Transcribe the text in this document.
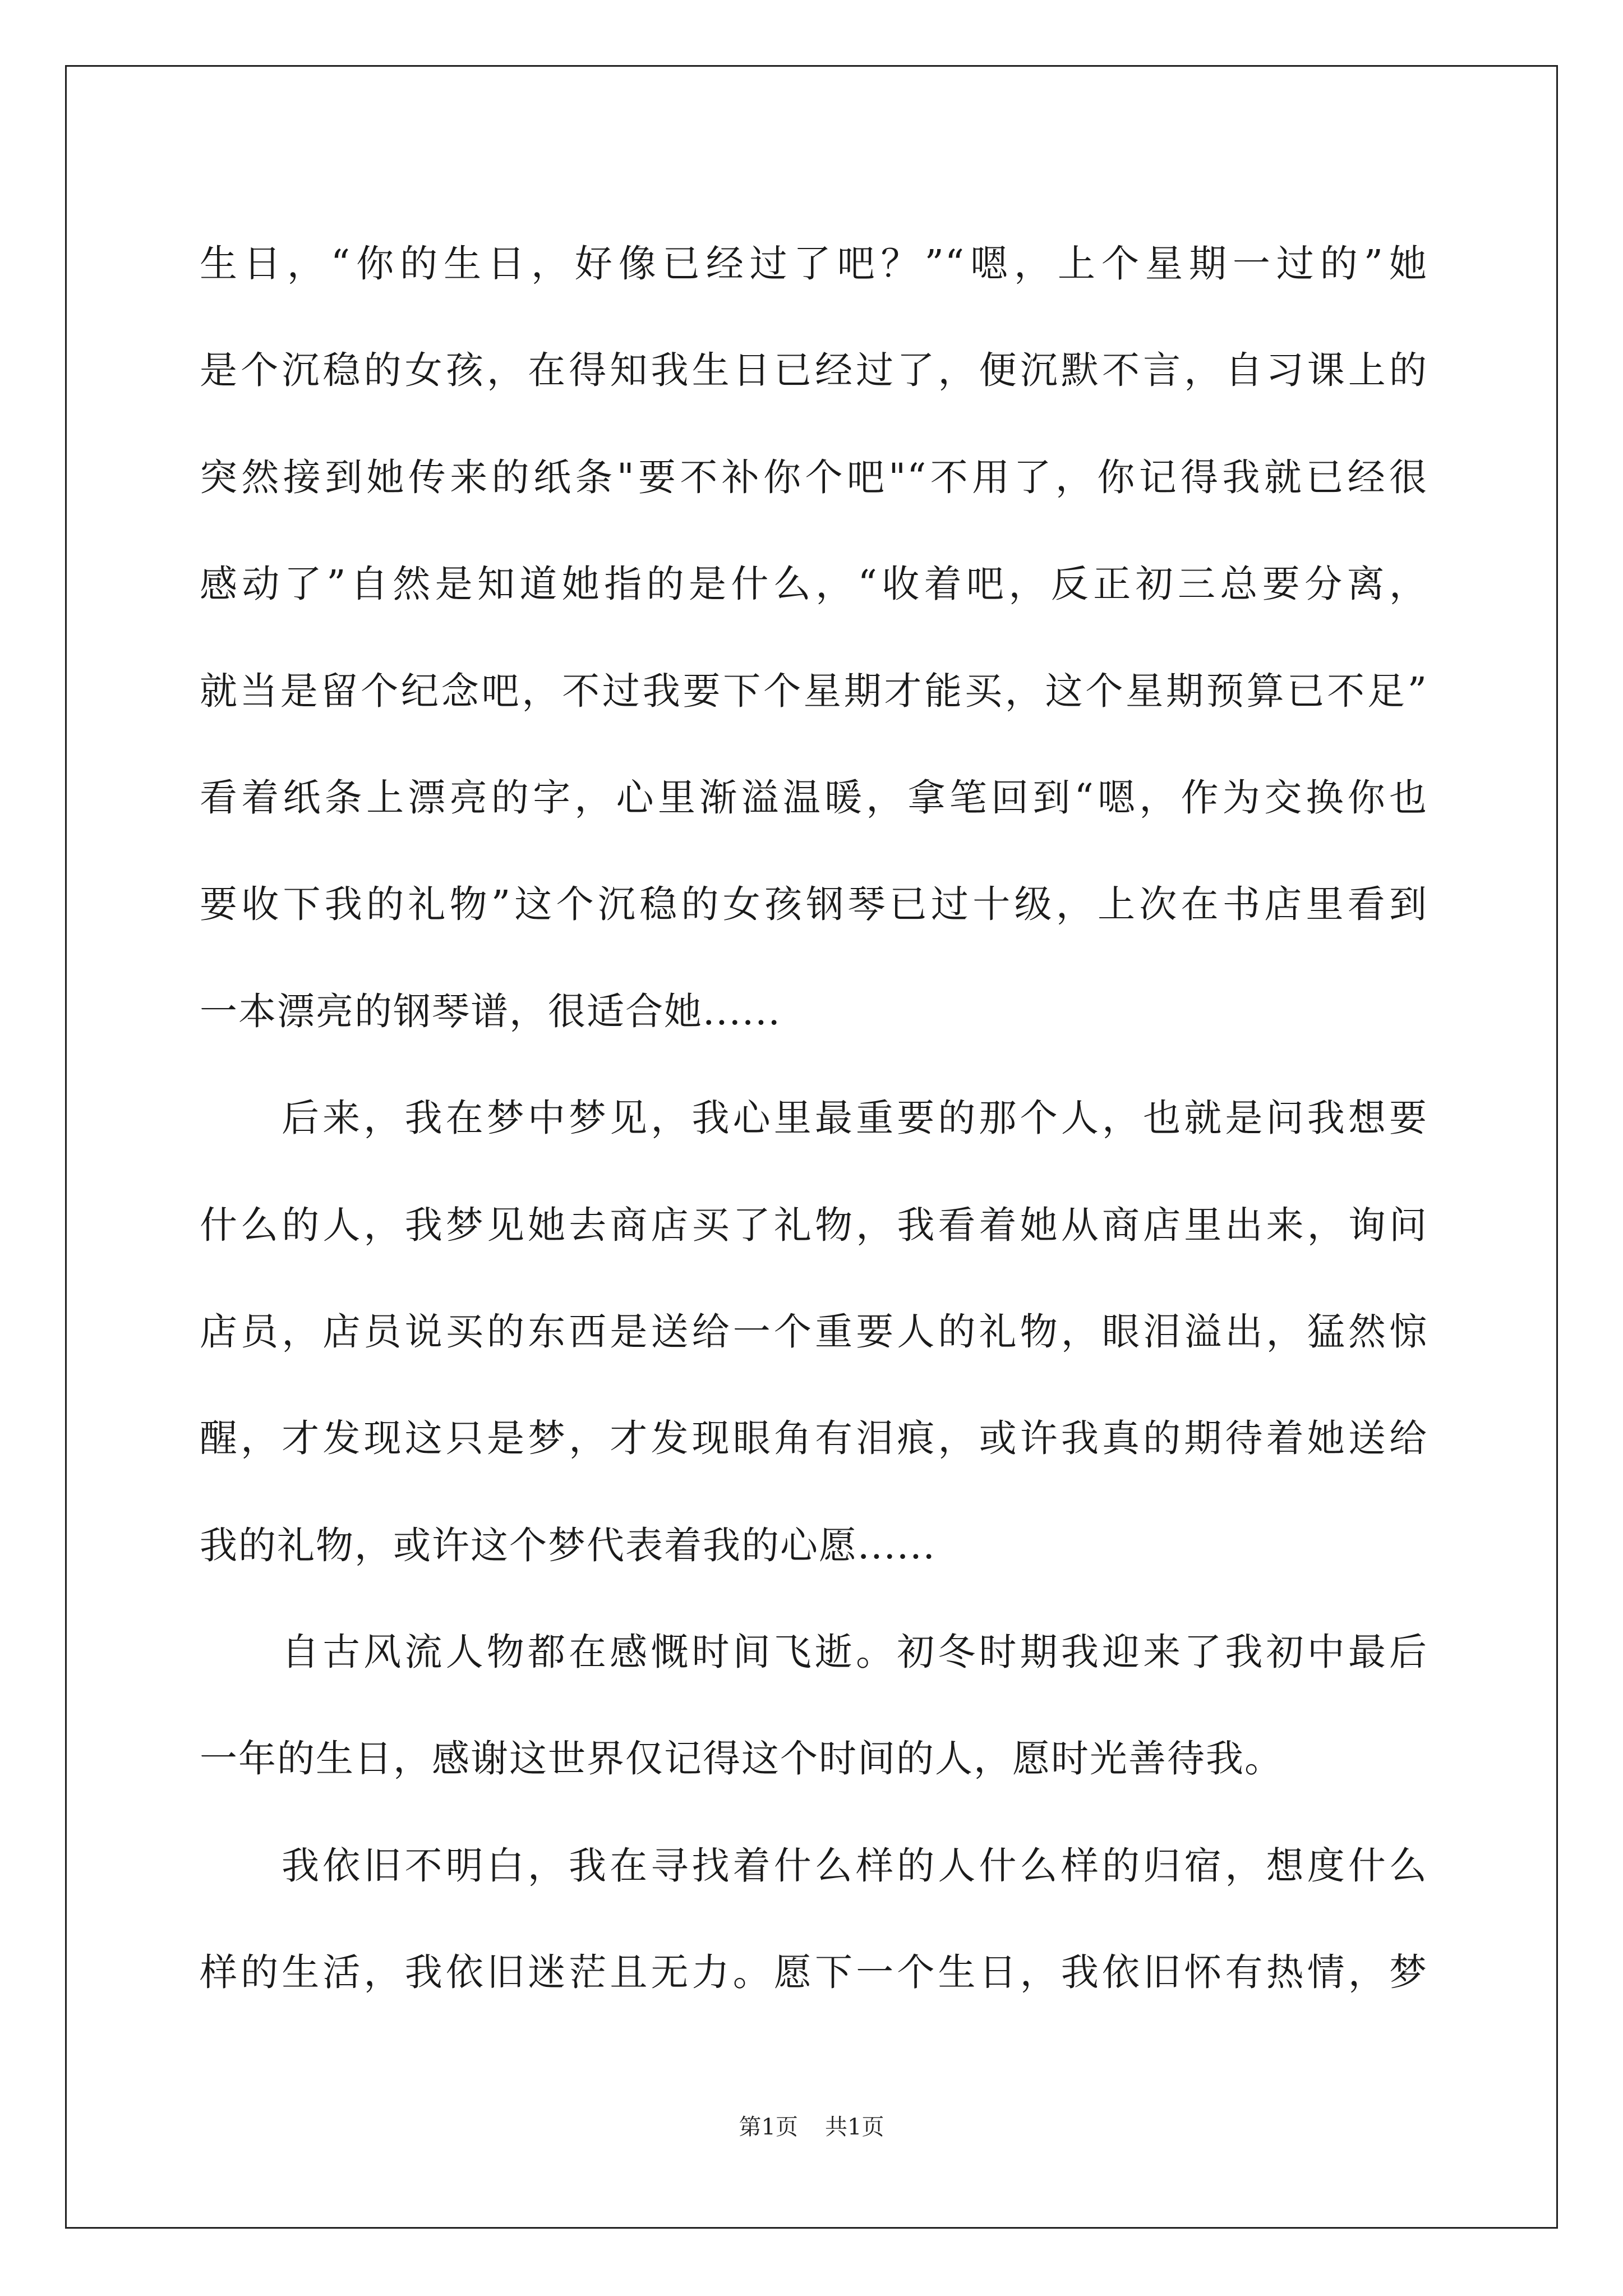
生日，“你的生日，好像已经过了吧？”“嗯，上个星期一过的”她
是个沉稳的女孩，在得知我生日已经过了，便沉默不言，自习课上的
突然接到她传来的纸条"要不补你个吧"“不用了，你记得我就已经很
感动了”自然是知道她指的是什么，“收着吧，反正初三总要分离，
就当是留个纪念吧，不过我要下个星期才能买，这个星期预算已不足”
看着纸条上漂亮的字，心里渐溢温暖，拿笔回到“嗯，作为交换你也
要收下我的礼物”这个沉稳的女孩钢琴已过十级，上次在书店里看到
一本漂亮的钢琴谱，很适合她......
后来，我在梦中梦见，我心里最重要的那个人，也就是问我想要
什么的人，我梦见她去商店买了礼物，我看着她从商店里出来，询问
店员，店员说买的东西是送给一个重要人的礼物，眼泪溢出，猛然惊
醒，才发现这只是梦，才发现眼角有泪痕，或许我真的期待着她送给
我的礼物，或许这个梦代表着我的心愿......
自古风流人物都在感慨时间飞逝。初冬时期我迎来了我初中最后
一年的生日，感谢这世界仅记得这个时间的人，愿时光善待我。
我依旧不明白，我在寻找着什么样的人什么样的归宿，想度什么
样的生活，我依旧迷茫且无力。愿下一个生日，我依旧怀有热情，梦
第1页 共1页
